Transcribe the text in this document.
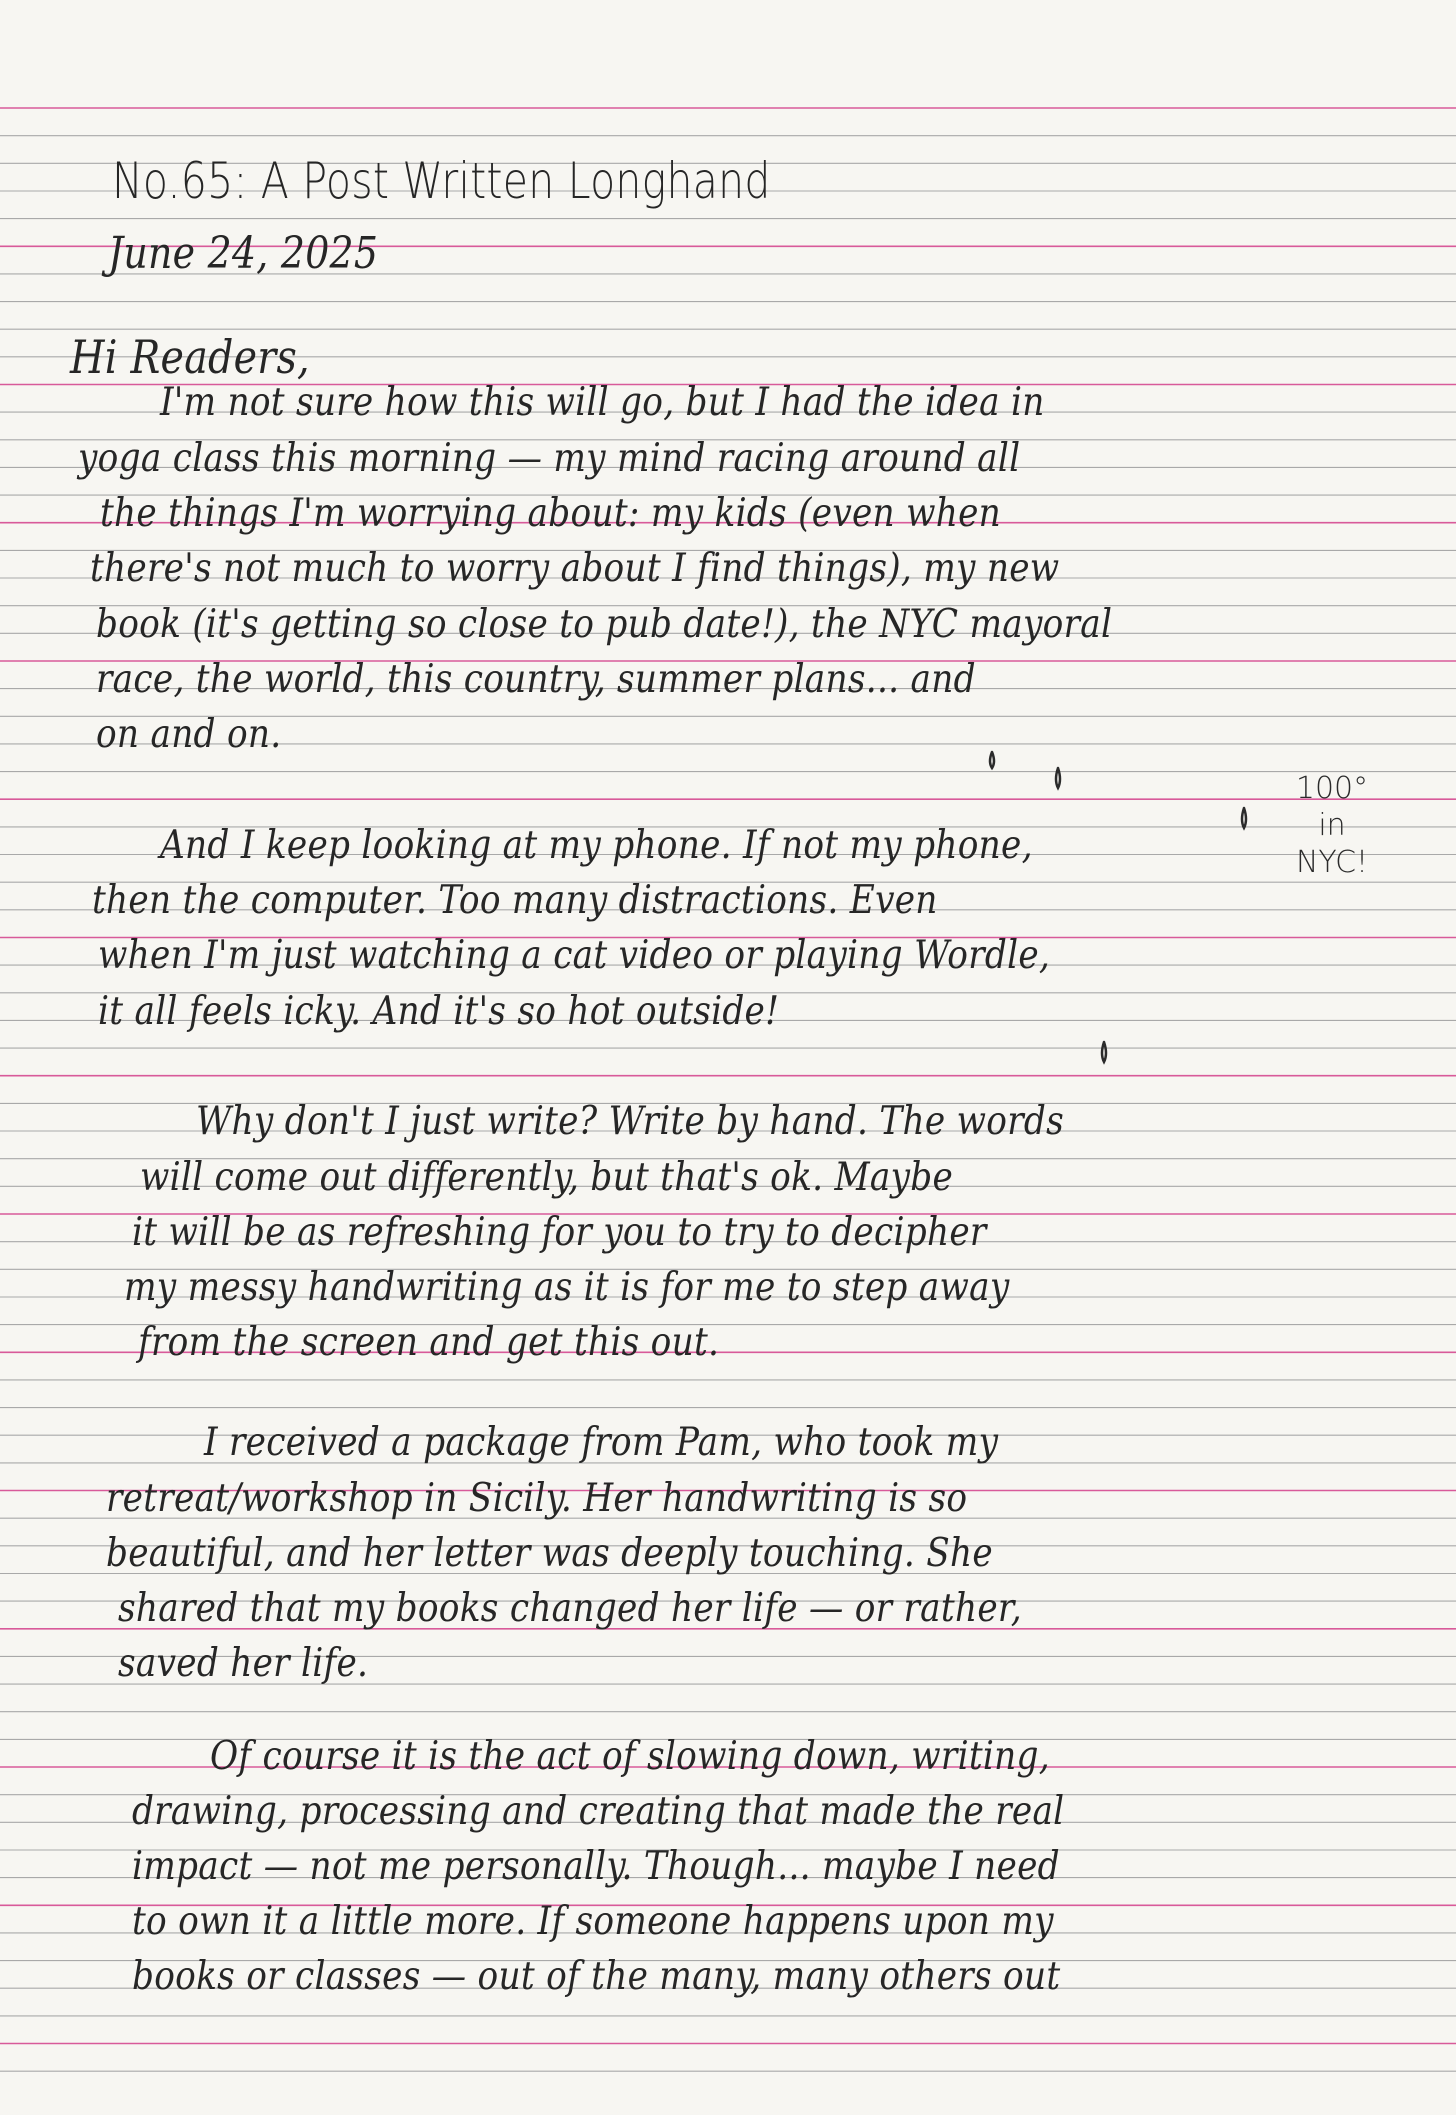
No.65: A Post Written Longhand
June 24, 2025
Hi Readers,
I'm not sure how this will go, but I had the idea in
yoga class this morning — my mind racing around all
the things I'm worrying about: my kids (even when
there's not much to worry about I find things), my new
book (it's getting so close to pub date!), the NYC mayoral
race, the world, this country, summer plans... and
on and on.
And I keep looking at my phone. If not my phone,
then the computer. Too many distractions. Even
when I'm just watching a cat video or playing Wordle,
it all feels icky. And it's so hot outside!
Why don't I just write? Write by hand. The words
will come out differently, but that's ok. Maybe
it will be as refreshing for you to try to decipher
my messy handwriting as it is for me to step away
from the screen and get this out.
I received a package from Pam, who took my
retreat/workshop in Sicily. Her handwriting is so
beautiful, and her letter was deeply touching. She
shared that my books changed her life — or rather,
saved her life.
Of course it is the act of slowing down, writing,
drawing, processing and creating that made the real
impact — not me personally. Though... maybe I need
to own it a little more. If someone happens upon my
books or classes — out of the many, many others out
100°
in
NYC!
